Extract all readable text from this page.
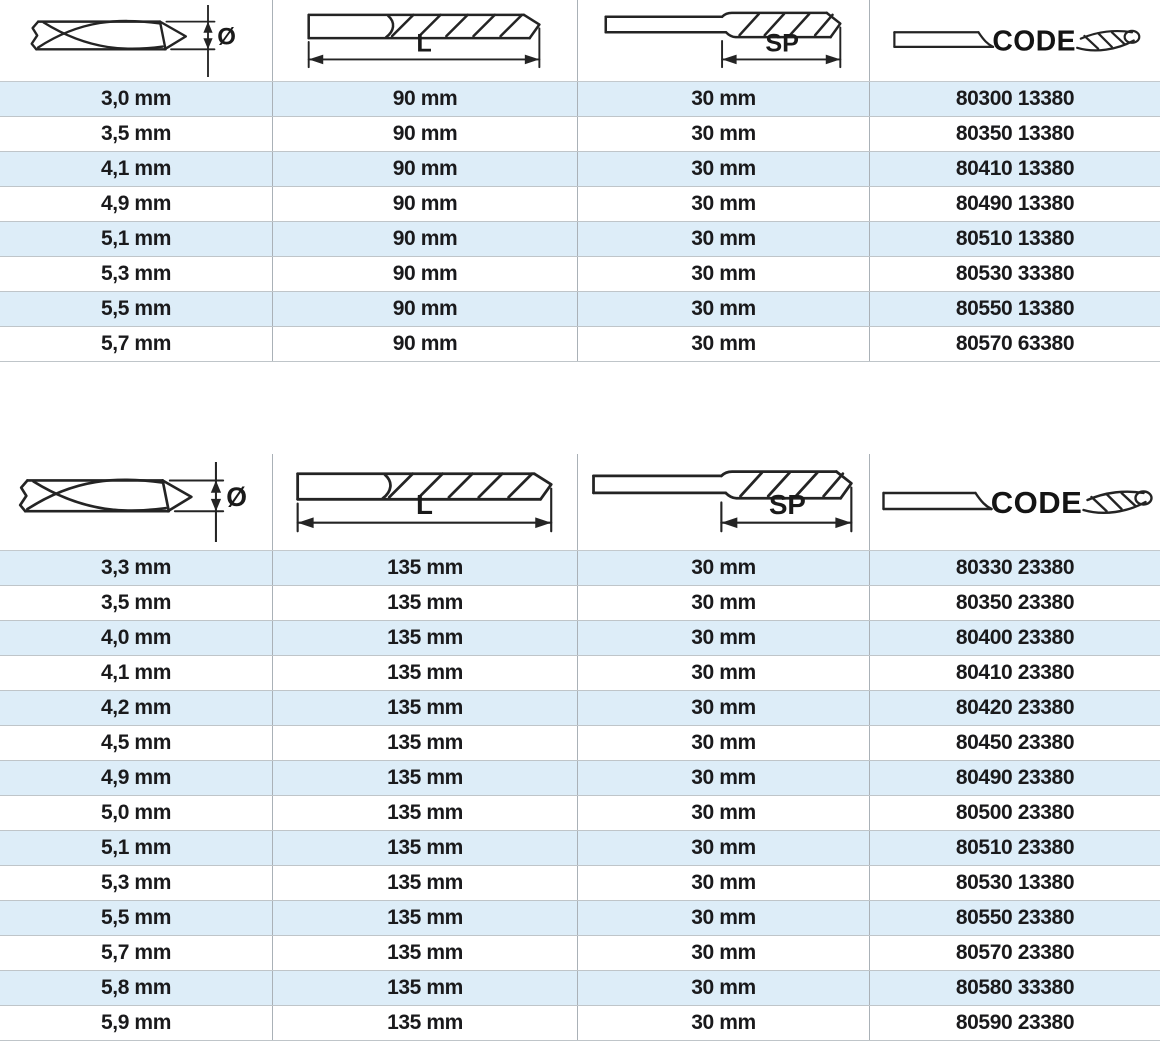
Ø	L	SP	CODE
3,0 mm	90 mm	30 mm	80300 13380
3,5 mm	90 mm	30 mm	80350 13380
4,1 mm	90 mm	30 mm	80410 13380
4,9 mm	90 mm	30 mm	80490 13380
5,1 mm	90 mm	30 mm	80510 13380
5,3 mm	90 mm	30 mm	80530 33380
5,5 mm	90 mm	30 mm	80550 13380
5,7 mm	90 mm	30 mm	80570 63380
Ø	L	SP	CODE
3,3 mm	135 mm	30 mm	80330 23380
3,5 mm	135 mm	30 mm	80350 23380
4,0 mm	135 mm	30 mm	80400 23380
4,1 mm	135 mm	30 mm	80410 23380
4,2 mm	135 mm	30 mm	80420 23380
4,5 mm	135 mm	30 mm	80450 23380
4,9 mm	135 mm	30 mm	80490 23380
5,0 mm	135 mm	30 mm	80500 23380
5,1 mm	135 mm	30 mm	80510 23380
5,3 mm	135 mm	30 mm	80530 13380
5,5 mm	135 mm	30 mm	80550 23380
5,7 mm	135 mm	30 mm	80570 23380
5,8 mm	135 mm	30 mm	80580 33380
5,9 mm	135 mm	30 mm	80590 23380
